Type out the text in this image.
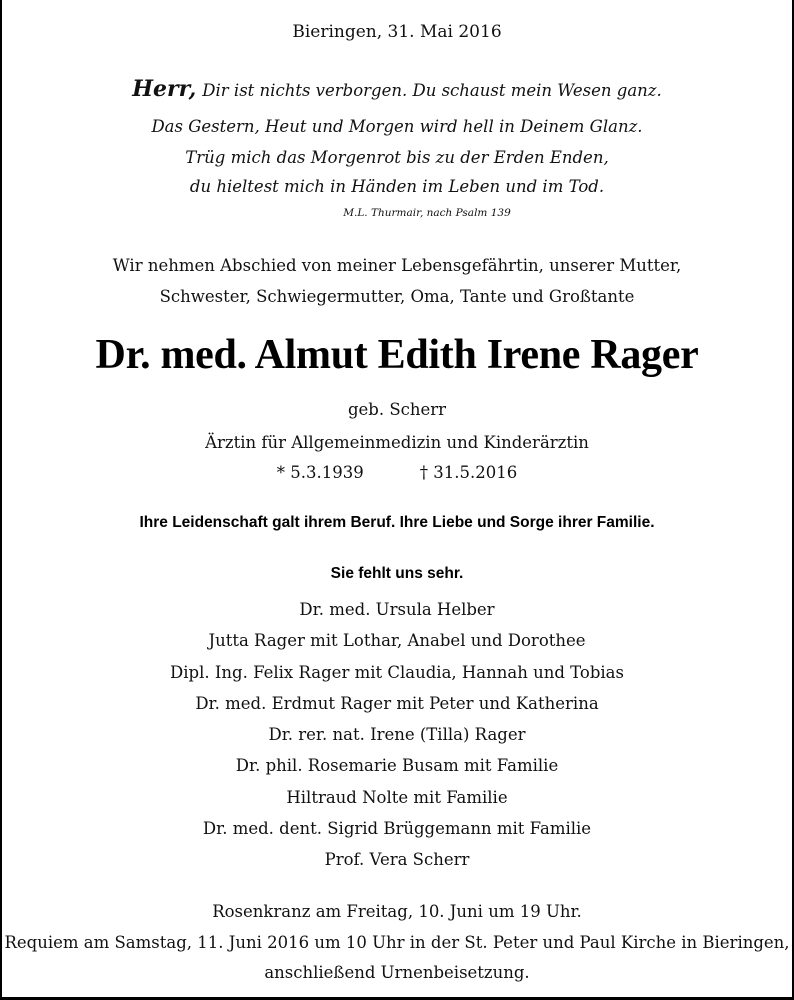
Bieringen, 31. Mai 2016
Herr, Dir ist nichts verborgen. Du schaust mein Wesen ganz.
Das Gestern, Heut und Morgen wird hell in Deinem Glanz.
Trüg mich das Morgenrot bis zu der Erden Enden,
du hieltest mich in Händen im Leben und im Tod.
M.L. Thurmair, nach Psalm 139
Wir nehmen Abschied von meiner Lebensgefährtin, unserer Mutter,
Schwester, Schwiegermutter, Oma, Tante und Großtante
Dr. med. Almut Edith Irene Rager
geb. Scherr
Ärztin für Allgemeinmedizin und Kinderärztin
* 5.3.1939	† 31.5.2016
Ihre Leidenschaft galt ihrem Beruf. Ihre Liebe und Sorge ihrer Familie.
Sie fehlt uns sehr.
Dr. med. Ursula Helber
Jutta Rager mit Lothar, Anabel und Dorothee
Dipl. Ing. Felix Rager mit Claudia, Hannah und Tobias
Dr. med. Erdmut Rager mit Peter und Katherina
Dr. rer. nat. Irene (Tilla) Rager
Dr. phil. Rosemarie Busam mit Familie
Hiltraud Nolte mit Familie
Dr. med. dent. Sigrid Brüggemann mit Familie
Prof. Vera Scherr
Rosenkranz am Freitag, 10. Juni um 19 Uhr.
Requiem am Samstag, 11. Juni 2016 um 10 Uhr in der St. Peter und Paul Kirche in Bieringen,
anschließend Urnenbeisetzung.
